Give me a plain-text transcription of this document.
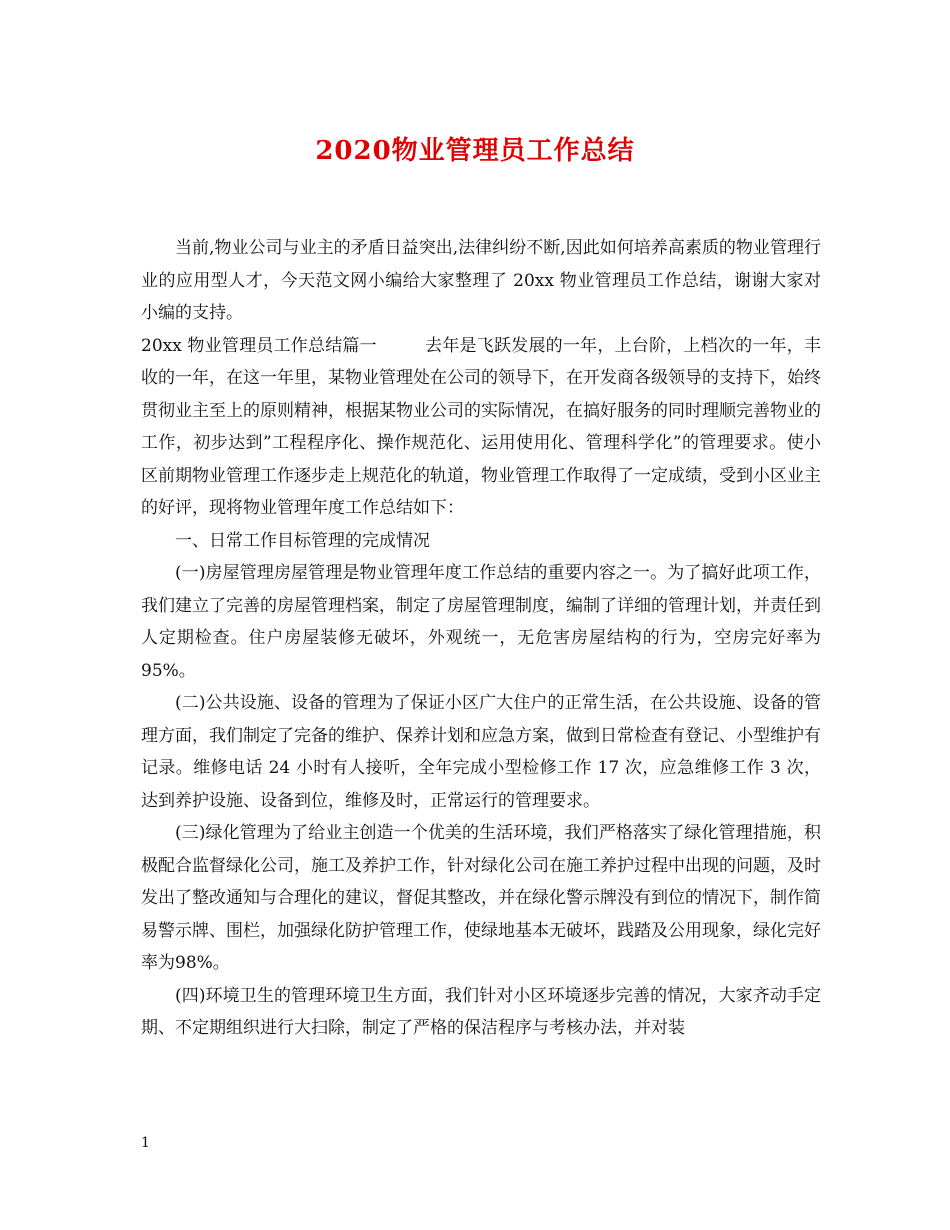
2020物业管理员工作总结

当前,物业公司与业主的矛盾日益突出,法律纠纷不断,因此如何培养高素质的物业管理行业的应用型人才，今天范文网小编给大家整理了 20xx 物业管理员工作总结，谢谢大家对小编的支持。

20xx 物业管理员工作总结篇一	去年是飞跃发展的一年，上台阶，上档次的一年，丰收的一年，在这一年里，某物业管理处在公司的领导下，在开发商各级领导的支持下，始终贯彻业主至上的原则精神，根据某物业公司的实际情况，在搞好服务的同时理顺完善物业的工作，初步达到”工程程序化、操作规范化、运用使用化、管理科学化”的管理要求。使小区前期物业管理工作逐步走上规范化的轨道，物业管理工作取得了一定成绩，受到小区业主的好评，现将物业管理年度工作总结如下：

一、日常工作目标管理的完成情况

(一)房屋管理房屋管理是物业管理年度工作总结的重要内容之一。为了搞好此项工作，我们建立了完善的房屋管理档案，制定了房屋管理制度，编制了详细的管理计划，并责任到人定期检查。住户房屋装修无破坏，外观统一，无危害房屋结构的行为，空房完好率为95%。

(二)公共设施、设备的管理为了保证小区广大住户的正常生活，在公共设施、设备的管理方面，我们制定了完备的维护、保养计划和应急方案，做到日常检查有登记、小型维护有记录。维修电话 24 小时有人接听，全年完成小型检修工作 17 次，应急维修工作 3 次，达到养护设施、设备到位，维修及时，正常运行的管理要求。

(三)绿化管理为了给业主创造一个优美的生活环境，我们严格落实了绿化管理措施，积极配合监督绿化公司，施工及养护工作，针对绿化公司在施工养护过程中出现的问题，及时发出了整改通知与合理化的建议，督促其整改，并在绿化警示牌没有到位的情况下，制作简易警示牌、围栏，加强绿化防护管理工作，使绿地基本无破坏，践踏及公用现象，绿化完好率为98%。

(四)环境卫生的管理环境卫生方面，我们针对小区环境逐步完善的情况，大家齐动手定期、不定期组织进行大扫除，制定了严格的保洁程序与考核办法，并对装

1
